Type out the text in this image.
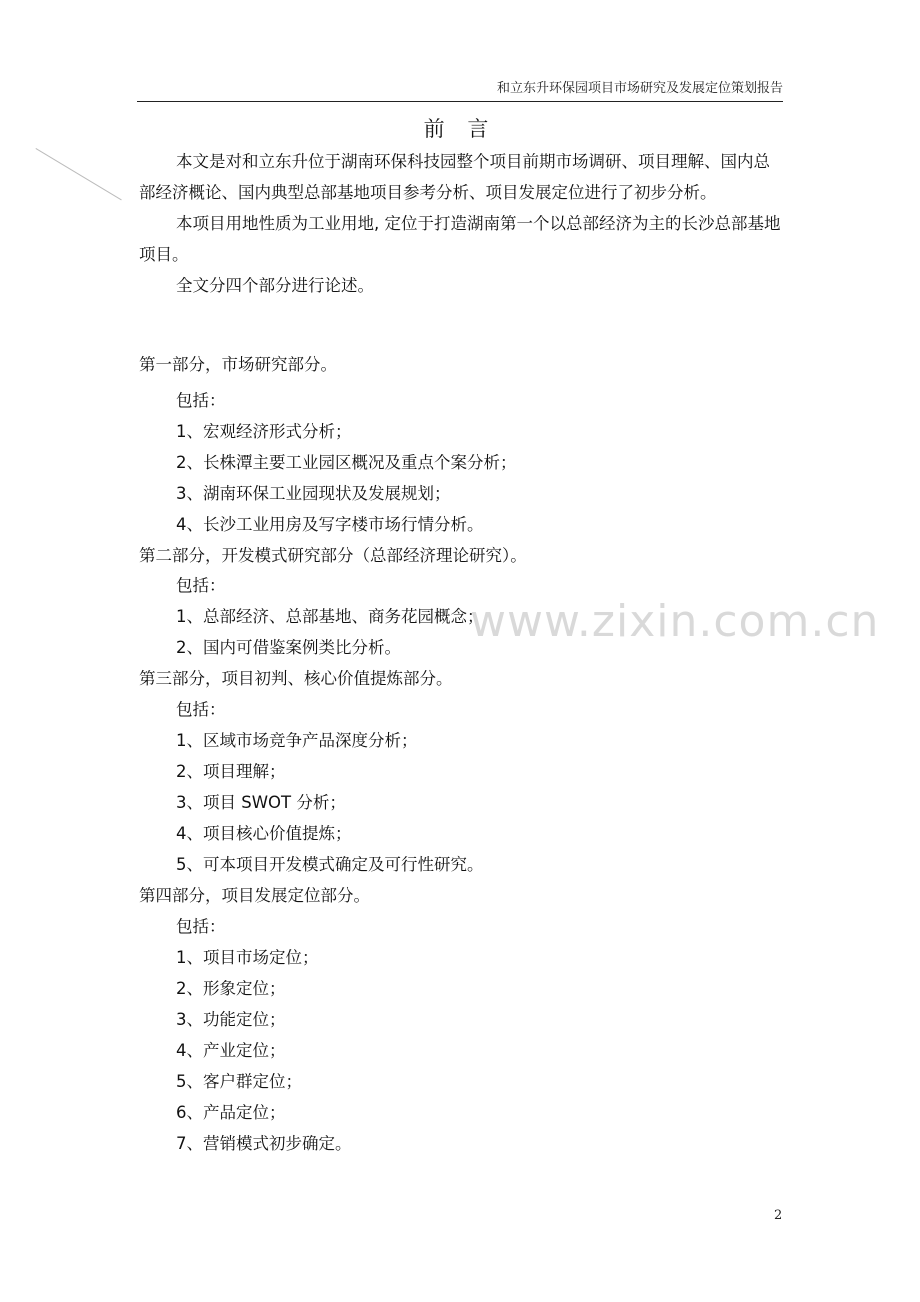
和立东升环保园项目市场研究及发展定位策划报告
前 言

本文是对和立东升位于湖南环保科技园整个项目前期市场调研、项目理解、国内总部经济概论、国内典型总部基地项目参考分析、项目发展定位进行了初步分析。

本项目用地性质为工业用地, 定位于打造湖南第一个以总部经济为主的长沙总部基地项目。

全文分四个部分进行论述。

第一部分，市场研究部分。

包括：

1、宏观经济形式分析；

2、长株潭主要工业园区概况及重点个案分析；

3、湖南环保工业园现状及发展规划；

4、长沙工业用房及写字楼市场行情分析。

第二部分，开发模式研究部分（总部经济理论研究）。

包括：

1、总部经济、总部基地、商务花园概念；

2、国内可借鉴案例类比分析。

第三部分，项目初判、核心价值提炼部分。

包括：

1、区域市场竞争产品深度分析；

2、项目理解；

3、项目 SWOT 分析；

4、项目核心价值提炼；

5、可本项目开发模式确定及可行性研究。

第四部分，项目发展定位部分。

包括：

1、项目市场定位；

2、形象定位；

3、功能定位；

4、产业定位；

5、客户群定位；

6、产品定位；

7、营销模式初步确定。

www.zixin.com.cn
2
